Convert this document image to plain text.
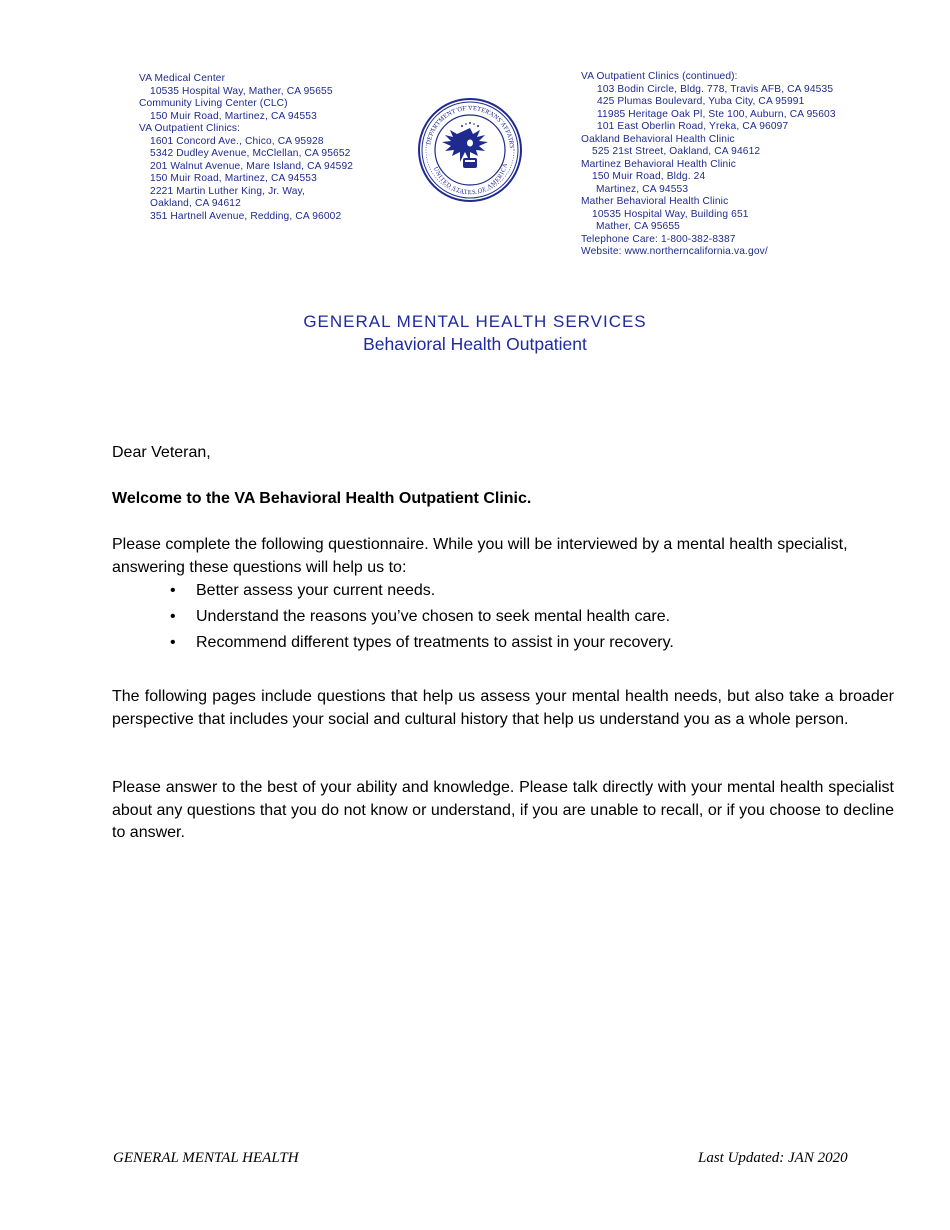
VA Medical Center
10535 Hospital Way, Mather, CA 95655
Community Living Center (CLC)
150 Muir Road, Martinez, CA 94553
VA Outpatient Clinics:
1601 Concord Ave., Chico, CA 95928
5342 Dudley Avenue, McClellan, CA 95652
201 Walnut Avenue, Mare Island, CA 94592
150 Muir Road, Martinez, CA 94553
2221 Martin Luther King, Jr. Way,
Oakland, CA 94612
351 Hartnell Avenue, Redding, CA 96002
DEPARTMENT OF VETERANS AFFAIRS
UNITED STATES OF AMERICA
VA Outpatient Clinics (continued):
103 Bodin Circle, Bldg. 778, Travis AFB, CA 94535
425 Plumas Boulevard, Yuba City, CA 95991
11985 Heritage Oak Pl, Ste 100, Auburn, CA 95603
101 East Oberlin Road, Yreka, CA 96097
Oakland Behavioral Health Clinic
525 21st Street, Oakland, CA 94612
Martinez Behavioral Health Clinic
150 Muir Road, Bldg. 24
Martinez, CA 94553
Mather Behavioral Health Clinic
10535 Hospital Way, Building 651
Mather, CA 95655
Telephone Care: 1-800-382-8387
Website: www.northerncalifornia.va.gov/
GENERAL MENTAL HEALTH SERVICES
Behavioral Health Outpatient
Dear Veteran,
Welcome to the VA Behavioral Health Outpatient Clinic.
Please complete the following questionnaire. While you will be interviewed by a mental health specialist, answering these questions will help us to:
• Better assess your current needs.
• Understand the reasons you’ve chosen to seek mental health care.
• Recommend different types of treatments to assist in your recovery.
The following pages include questions that help us assess your mental health needs, but also take a broader perspective that includes your social and cultural history that help us understand you as a whole person.
Please answer to the best of your ability and knowledge. Please talk directly with your mental health specialist about any questions that you do not know or understand, if you are unable to recall, or if you choose to decline to answer.
GENERAL MENTAL HEALTH	Last Updated: JAN 2020
